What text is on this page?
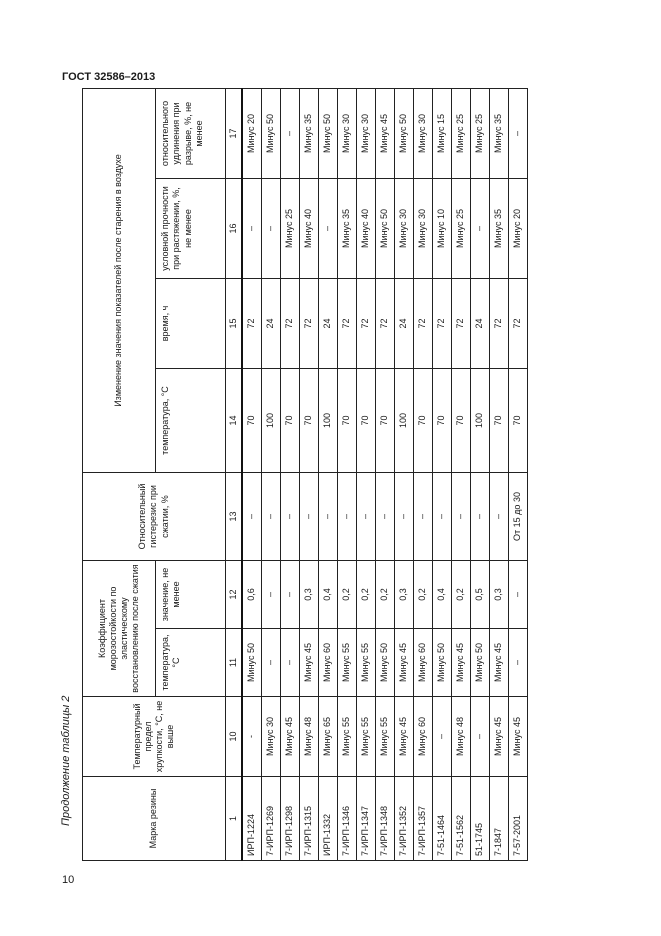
ГОСТ 32586–2013
Продолжение таблицы 2	Марка резины	Температурный предел хрупкости, °С, не выше	Коэффициент морозостойкости по эластическому восстановлению после сжатия		Относительный гистерезис при сжатии, %	Изменение значения показателей после старения в воздухе			
		температура, °С	значение, не менее		температура, °С	время, ч	условной прочности при растяжении, %, не менее	относительного удлинения при разрыве, %, не менее
1	10	11	12	13	14	15	16	17
ИРП-1224	-	Минус 50	0,6	–	70	72	–	Минус 20
7-ИРП-1269	Минус 30	–	–	–	100	24	–	Минус 50
7-ИРП-1298	Минус 45	–	–	–	70	72	Минус 25	–
7-ИРП-1315	Минус 48	Минус 45	0,3	–	70	72	Минус 40	Минус 35
ИРП-1332	Минус 65	Минус 60	0,4	–	100	24	–	Минус 50
7-ИРП-1346	Минус 55	Минус 55	0,2	–	70	72	Минус 35	Минус 30
7-ИРП-1347	Минус 55	Минус 55	0,2	–	70	72	Минус 40	Минус 30
7-ИРП-1348	Минус 55	Минус 50	0,2	–	70	72	Минус 50	Минус 45
7-ИРП-1352	Минус 45	Минус 45	0,3	–	100	24	Минус 30	Минус 50
7-ИРП-1357	Минус 60	Минус 60	0,2	–	70	72	Минус 30	Минус 30
7-51-1464	–	Минус 50	0,4	–	70	72	Минус 10	Минус 15
7-51-1562	Минус 48	Минус 45	0,2	–	70	72	Минус 25	Минус 25
51-1745	–	Минус 50	0,5	–	100	24	–	Минус 25
7-1847	Минус 45	Минус 45	0,3	–	70	72	Минус 35	Минус 35
7-57-2001	Минус 45	–	–	От 15 до 30	70	72	Минус 20	–
10
